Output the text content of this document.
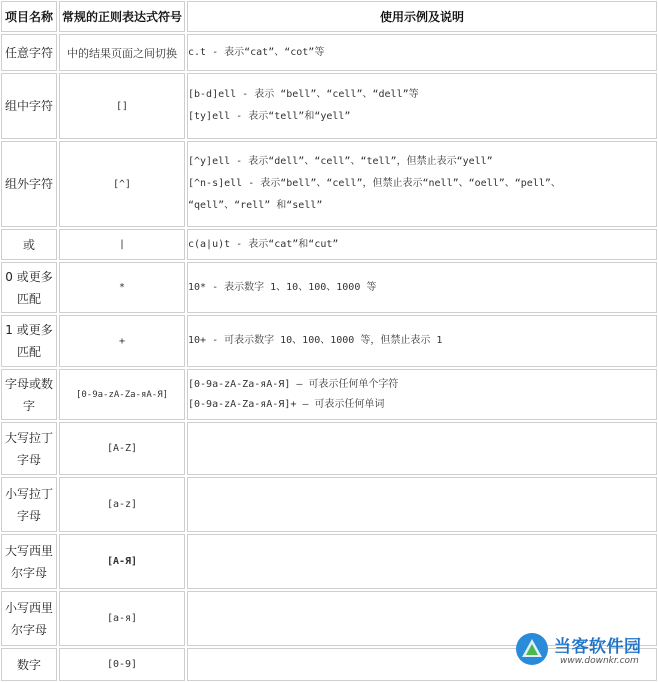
项目名称	常规的正则表达式符号	使用示例及说明
任意字符	中的结果页面之间切换	c.t - 表示“cat”、“cot”等

组中字符	[]	[b-d]ell - 表示 “bell”、“cell”、“dell”等
[ty]ell - 表示“tell”和“yell”

组外字符	[^]	[^y]ell - 表示“dell”、“cell”、“tell”，但禁止表示“yell”
[^n-s]ell - 表示“bell”、“cell”，但禁止表示“nell”、“oell”、“pell”、
“qell”、“rell” 和“sell”

或	|	c(a|u)t - 表示“cat”和“cut”

0 或更多匹配	*	10* - 表示数字 1、10、100、1000 等

1 或更多匹配	+	10+ - 可表示数字 10、100、1000 等，但禁止表示 1

字母或数字	[0-9a-zA-Zа-яА-Я]	[0-9a-zA-Zа-яА-Я] — 可表示任何单个字符
[0-9a-zA-Zа-яА-Я]+ — 可表示任何单词

大写拉丁字母	[A-Z]	
小写拉丁字母	[a-z]	
大写西里尔字母	[А-Я]	
小写西里尔字母	[а-я]	
数字	[0-9]	
当客软件园
www.downkr.com
